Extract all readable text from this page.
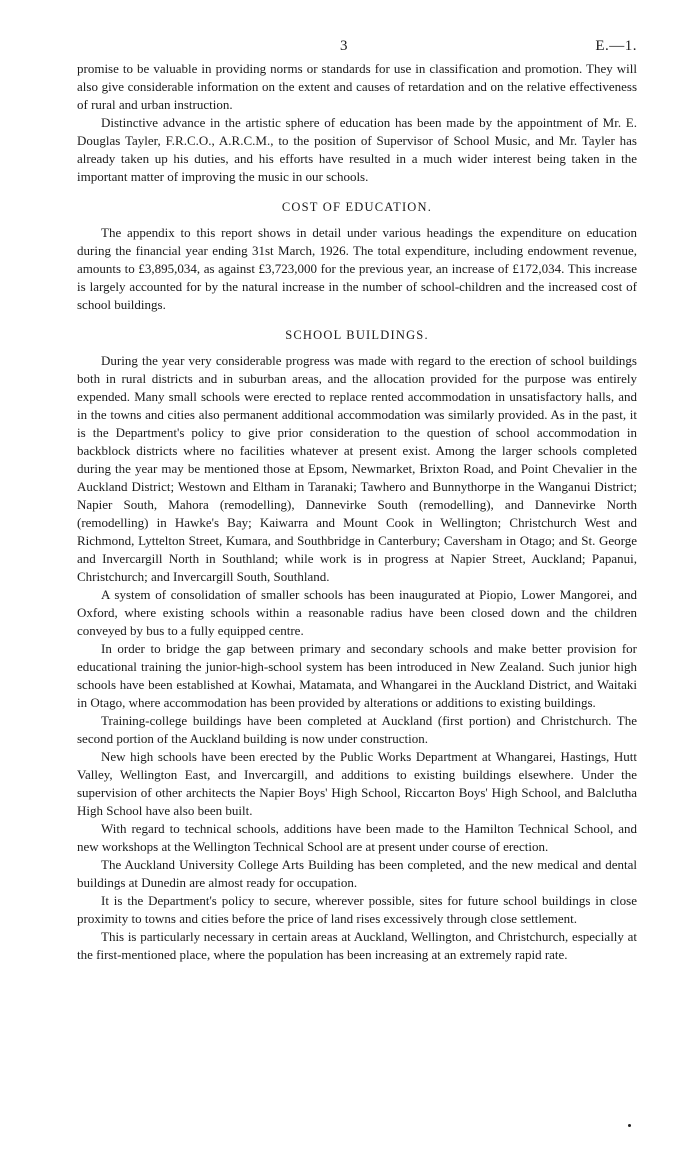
3	E.—1.

promise to be valuable in providing norms or standards for use in classification and promotion. They will also give considerable information on the extent and causes of retardation and on the relative effectiveness of rural and urban instruction.

Distinctive advance in the artistic sphere of education has been made by the appointment of Mr. E. Douglas Tayler, F.R.C.O., A.R.C.M., to the position of Supervisor of School Music, and Mr. Tayler has already taken up his duties, and his efforts have resulted in a much wider interest being taken in the important matter of improving the music in our schools.

COST OF EDUCATION.

The appendix to this report shows in detail under various headings the expenditure on education during the financial year ending 31st March, 1926. The total expenditure, including endowment revenue, amounts to £3,895,034, as against £3,723,000 for the previous year, an increase of £172,034. This increase is largely accounted for by the natural increase in the number of school-children and the increased cost of school buildings.

SCHOOL BUILDINGS.

During the year very considerable progress was made with regard to the erection of school buildings both in rural districts and in suburban areas, and the allocation provided for the purpose was entirely expended. Many small schools were erected to replace rented accommodation in unsatisfactory halls, and in the towns and cities also permanent additional accommodation was similarly provided. As in the past, it is the Department's policy to give prior consideration to the question of school accommodation in backblock districts where no facilities whatever at present exist. Among the larger schools completed during the year may be mentioned those at Epsom, Newmarket, Brixton Road, and Point Chevalier in the Auckland District; Westown and Eltham in Taranaki; Tawhero and Bunnythorpe in the Wanganui District; Napier South, Mahora (remodelling), Dannevirke South (remodelling), and Dannevirke North (remodelling) in Hawke's Bay; Kaiwarra and Mount Cook in Wellington; Christchurch West and Richmond, Lyttelton Street, Kumara, and Southbridge in Canterbury; Caversham in Otago; and St. George and Invercargill North in Southland; while work is in progress at Napier Street, Auckland; Papanui, Christchurch; and Invercargill South, Southland.

A system of consolidation of smaller schools has been inaugurated at Piopio, Lower Mangorei, and Oxford, where existing schools within a reasonable radius have been closed down and the children conveyed by bus to a fully equipped centre.

In order to bridge the gap between primary and secondary schools and make better provision for educational training the junior-high-school system has been introduced in New Zealand. Such junior high schools have been established at Kowhai, Matamata, and Whangarei in the Auckland District, and Waitaki in Otago, where accommodation has been provided by alterations or additions to existing buildings.

Training-college buildings have been completed at Auckland (first portion) and Christchurch. The second portion of the Auckland building is now under construction.

New high schools have been erected by the Public Works Department at Whangarei, Hastings, Hutt Valley, Wellington East, and Invercargill, and additions to existing buildings elsewhere. Under the supervision of other architects the Napier Boys' High School, Riccarton Boys' High School, and Balclutha High School have also been built.

With regard to technical schools, additions have been made to the Hamilton Technical School, and new workshops at the Wellington Technical School are at present under course of erection.

The Auckland University College Arts Building has been completed, and the new medical and dental buildings at Dunedin are almost ready for occupation.

It is the Department's policy to secure, wherever possible, sites for future school buildings in close proximity to towns and cities before the price of land rises excessively through close settlement.

This is particularly necessary in certain areas at Auckland, Wellington, and Christchurch, especially at the first-mentioned place, where the population has been increasing at an extremely rapid rate.
